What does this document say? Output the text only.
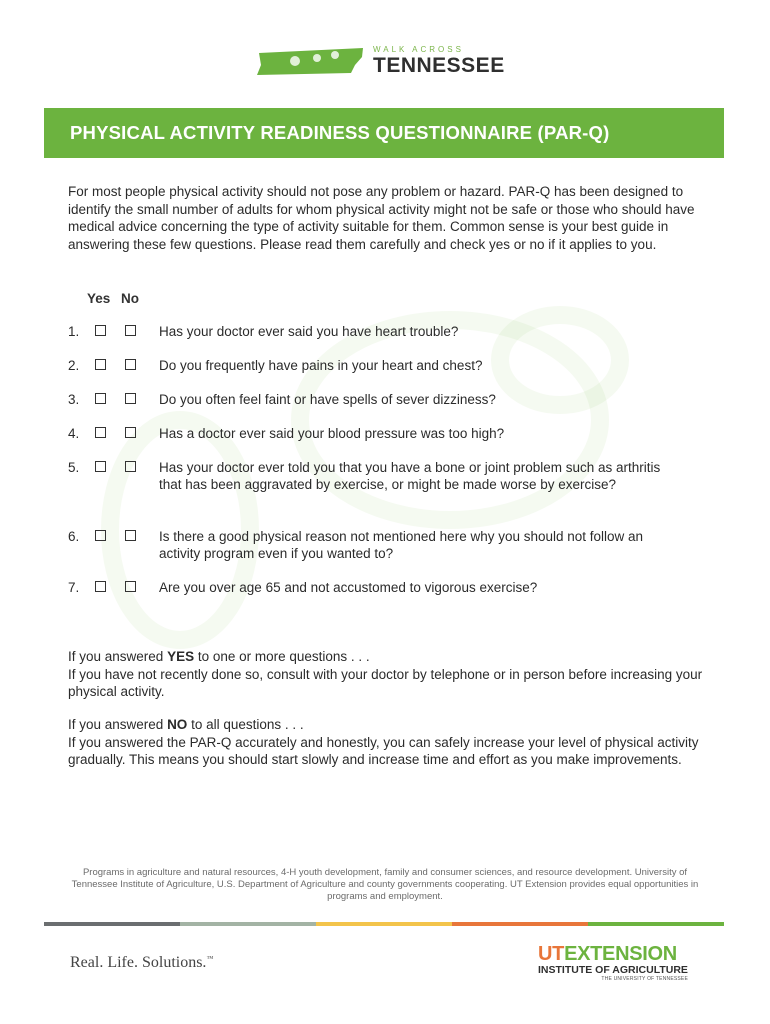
WALK ACROSS
TENNESSEE
PHYSICAL ACTIVITY READINESS QUESTIONNAIRE (PAR-Q)

For most people physical activity should not pose any problem or hazard. PAR-Q has been designed to identify the small number of adults for whom physical activity might not be safe or those who should have medical advice concerning the type of activity suitable for them. Common sense is your best guide in answering these few questions. Please read them carefully and check yes or no if it applies to you.

Yes No
1.	Has your doctor ever said you have heart trouble?
2.	Do you frequently have pains in your heart and chest?
3.	Do you often feel faint or have spells of sever dizziness?
4.	Has a doctor ever said your blood pressure was too high?
5.	Has your doctor ever told you that you have a bone or joint problem such as arthritis that has been aggravated by exercise, or might be made worse by exercise?
6.	Is there a good physical reason not mentioned here why you should not follow an activity program even if you wanted to?
7.	Are you over age 65 and not accustomed to vigorous exercise?

If you answered YES to one or more questions . . .

If you have not recently done so, consult with your doctor by telephone or in person before increasing your physical activity.

If you answered NO to all questions . . .

If you answered the PAR-Q accurately and honestly, you can safely increase your level of physical activity gradually. This means you should start slowly and increase time and effort as you make improvements.

Programs in agriculture and natural resources, 4-H youth development, family and consumer sciences, and resource development. University of Tennessee Institute of Agriculture, U.S. Department of Agriculture and county governments cooperating. UT Extension provides equal opportunities in programs and employment.

Real. Life. Solutions.™	UTEXTENSION
INSTITUTE OF AGRICULTURE
THE UNIVERSITY OF TENNESSEE
